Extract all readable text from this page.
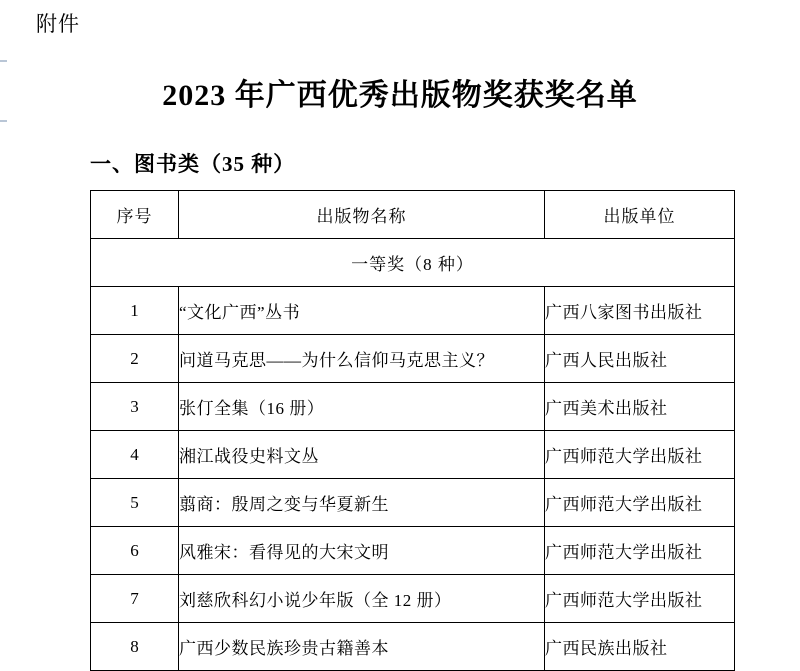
附件
2023 年广西优秀出版物奖获奖名单
一、图书类（35 种）
序号	出版物名称	出版单位
一等奖（8 种）		
1	“文化广西”丛书	广西八家图书出版社
2	问道马克思——为什么信仰马克思主义？	广西人民出版社
3	张仃全集（16 册）	广西美术出版社
4	湘江战役史料文丛	广西师范大学出版社
5	翦商：殷周之变与华夏新生	广西师范大学出版社
6	风雅宋：看得见的大宋文明	广西师范大学出版社
7	刘慈欣科幻小说少年版（全 12 册）	广西师范大学出版社
8	广西少数民族珍贵古籍善本	广西民族出版社
